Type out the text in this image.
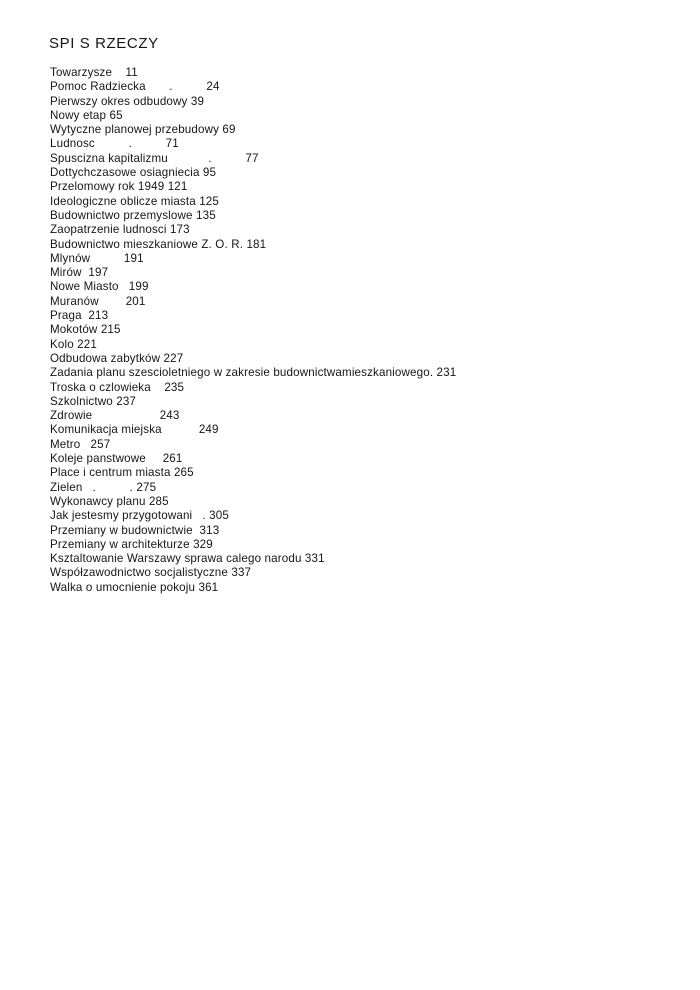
SPI S RZECZY
Towarzysze    11
Pomoc Radziecka       .          24
Pierwszy okres odbudowy 39
Nowy etap 65
Wytyczne planowej przebudowy 69
Ludnosc          .          71
Spuscizna kapitalizmu            .          77
Dottychczasowe osiagniecia 95
Przelomowy rok 1949 121
Ideologiczne oblicze miasta 125
Budownictwo przemyslowe 135
Zaopatrzenie ludnosci 173
Budownictwo mieszkaniowe Z. O. R. 181
Mlynów          191
Mirów  197
Nowe Miasto   199
Muranów        201
Praga  213
Mokotów 215
Kolo 221
Odbudowa zabytków 227
Zadania planu szescioletniego w zakresie budownictwamieszkaniowego. 231
Troska o czlowieka    235
Szkolnictwo 237
Zdrowie                    243
Komunikacja miejska           249
Metro   257
Koleje panstwowe     261
Place i centrum miasta 265
Zielen   .          . 275
Wykonawcy planu 285
Jak jestesmy przygotowani   . 305
Przemiany w budownictwie  313
Przemiany w architekturze 329
Ksztaltowanie Warszawy sprawa calego narodu 331
Współzawodnictwo socjalistyczne 337
Walka o umocnienie pokoju 361
